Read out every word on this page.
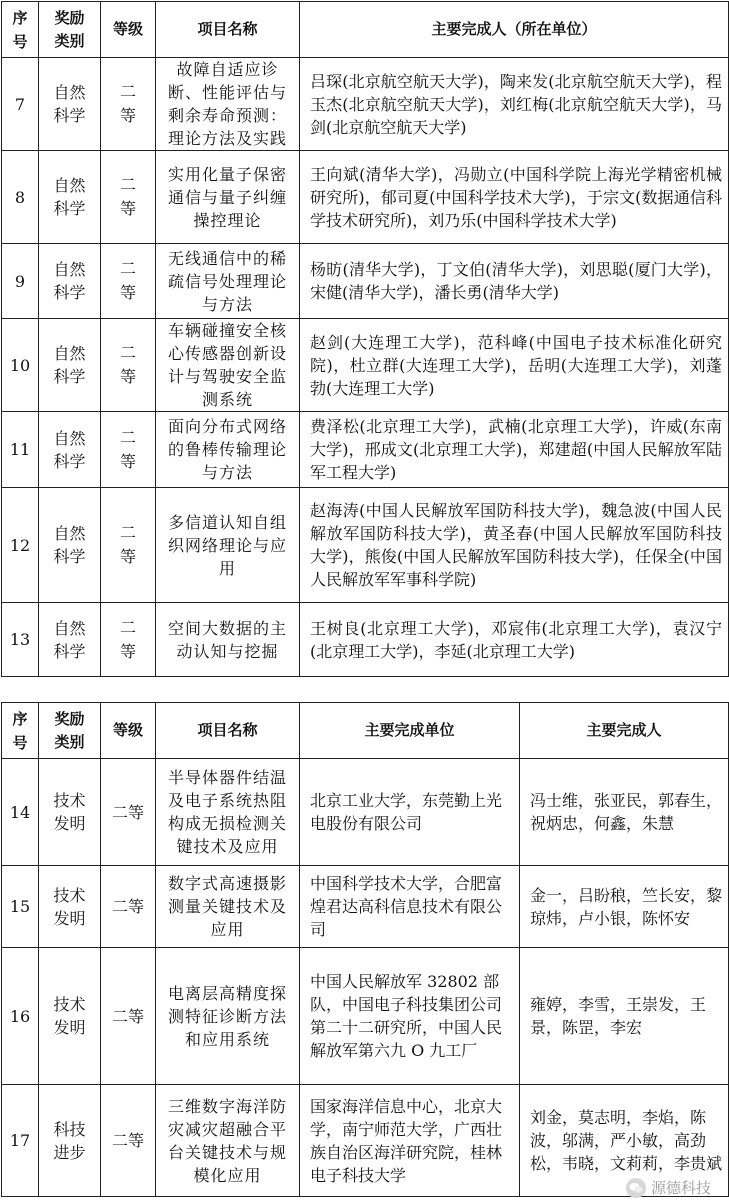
序号	奖励类别	等级	项目名称	主要完成人（所在单位）
7	自然科学	二等	故障自适应诊断、性能评估与剩余寿命预测：理论方法及实践	吕琛(北京航空航天大学)，陶来发(北京航空航天大学)，程玉杰(北京航空航天大学)，刘红梅(北京航空航天大学)，马剑(北京航空航天大学)
8	自然科学	二等	实用化量子保密通信与量子纠缠操控理论	王向斌(清华大学)，冯勋立(中国科学院上海光学精密机械研究所)，郁司夏(中国科学技术大学)，于宗文(数据通信科学技术研究所)，刘乃乐(中国科学技术大学)
9	自然科学	二等	无线通信中的稀疏信号处理理论与方法	杨昉(清华大学)，丁文伯(清华大学)，刘思聪(厦门大学)，宋健(清华大学)，潘长勇(清华大学)
10	自然科学	二等	车辆碰撞安全核心传感器创新设计与驾驶安全监测系统	赵剑(大连理工大学)，范科峰(中国电子技术标准化研究院)，杜立群(大连理工大学)，岳明(大连理工大学)，刘蓬勃(大连理工大学)
11	自然科学	二等	面向分布式网络的鲁棒传输理论与方法	费泽松(北京理工大学)，武楠(北京理工大学)，许威(东南大学)，邢成文(北京理工大学)，郑建超(中国人民解放军陆军工程大学)
12	自然科学	二等	多信道认知自组织网络理论与应用	赵海涛(中国人民解放军国防科技大学)，魏急波(中国人民解放军国防科技大学)，黄圣春(中国人民解放军国防科技大学)，熊俊(中国人民解放军国防科技大学)，任保全(中国人民解放军军事科学院)
13	自然科学	二等	空间大数据的主动认知与挖掘	王树良(北京理工大学)，邓宸伟(北京理工大学)，袁汉宁(北京理工大学)，李延(北京理工大学)
序号	奖励类别	等级	项目名称	主要完成单位	主要完成人
14	技术发明	二等	半导体器件结温及电子系统热阻构成无损检测关键技术及应用	北京工业大学，东莞勤上光电股份有限公司	冯士维，张亚民，郭春生，祝炳忠，何鑫，朱慧
15	技术发明	二等	数字式高速摄影测量关键技术及应用	中国科学技术大学，合肥富煌君达高科信息技术有限公司	金一，吕盼稂，竺长安，黎琼炜，卢小银，陈怀安
16	技术发明	二等	电离层高精度探测特征诊断方法和应用系统	中国人民解放军 32802 部队，中国电子科技集团公司第二十二研究所，中国人民解放军第六九 O 九工厂	雍婷，李雪，王崇发，王景，陈罡，李宏
17	科技进步	二等	三维数字海洋防灾减灾超融合平台关键技术与规模化应用	国家海洋信息中心，北京大学，南宁师范大学，广西壮族自治区海洋研究院，桂林电子科技大学	刘金，莫志明，李焰，陈波，邬满，严小敏，高劲松，韦晓，文莉莉，李贵斌
源德科技
